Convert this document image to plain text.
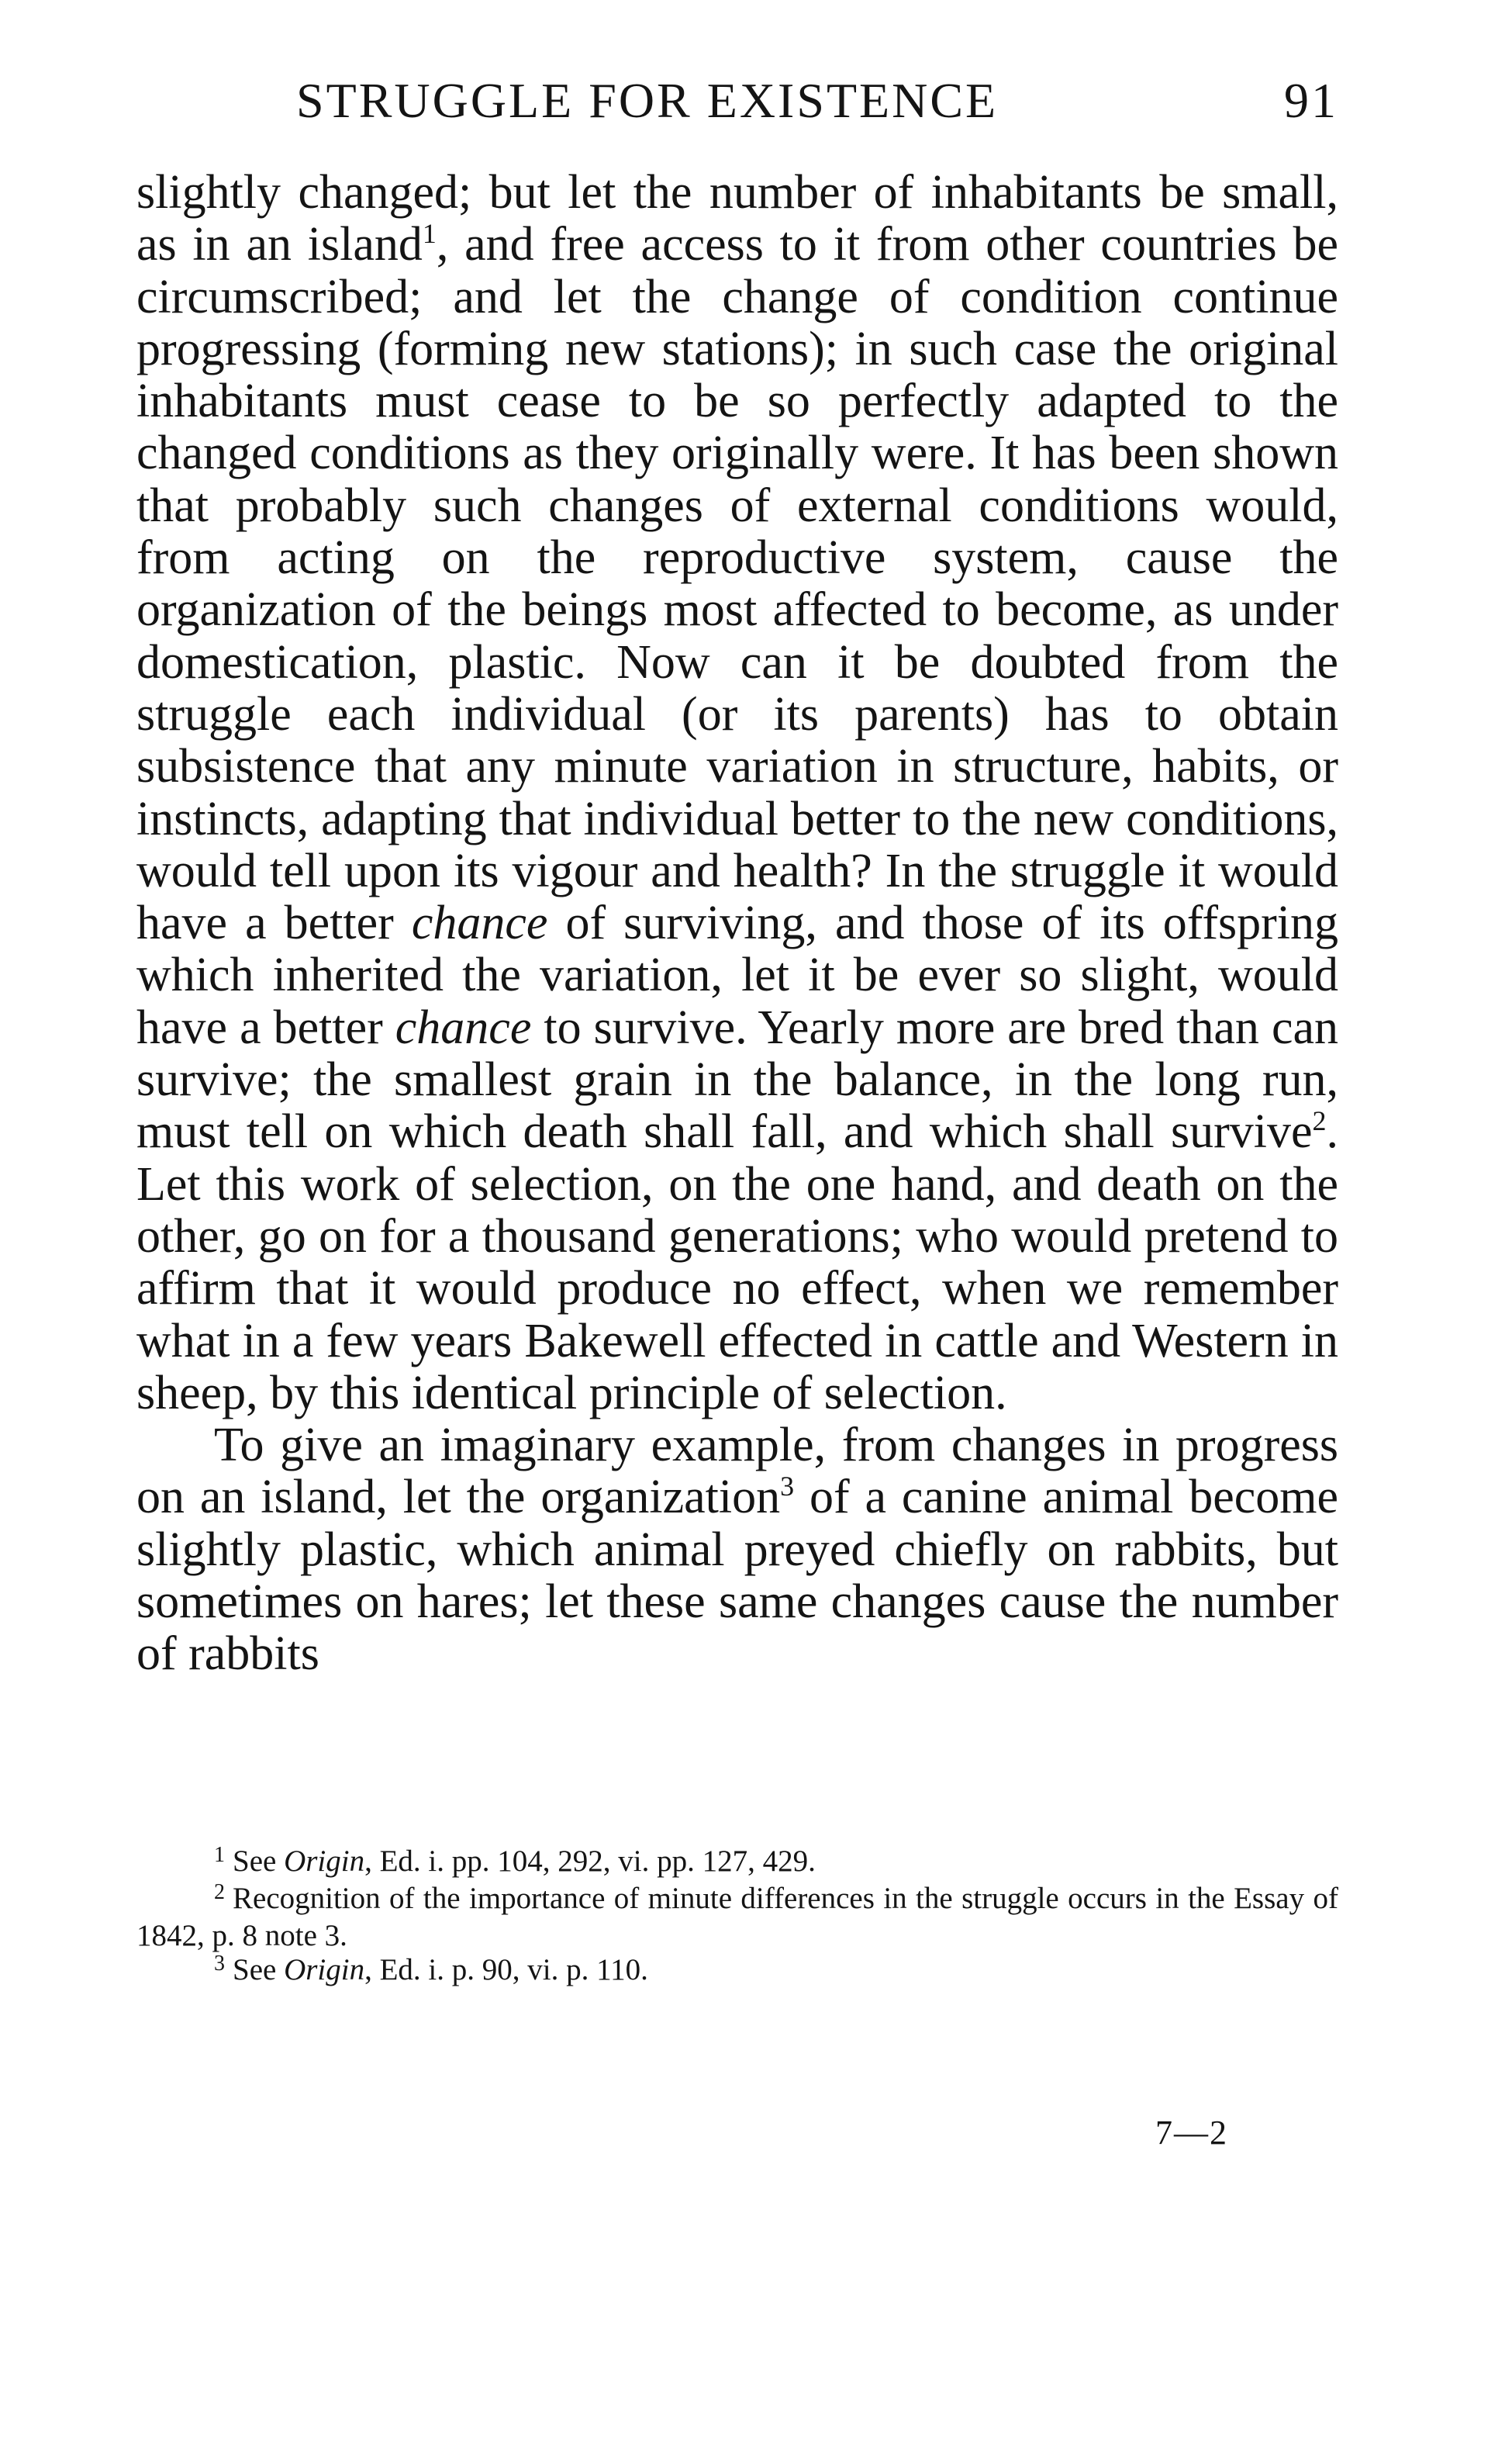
STRUGGLE FOR EXISTENCE	91

slightly changed; but let the number of inhabitants be small, as in an island$^1$, and free access to it from other countries be circumscribed; and let the change of condition continue progressing (forming new stations); in such case the original inhabitants must cease to be so perfectly adapted to the changed conditions as they originally were. It has been shown that probably such changes of external conditions would, from acting on the reproductive system, cause the organization of the beings most affected to become, as under domestication, plastic. Now can it be doubted from the struggle each individual (or its parents) has to obtain subsistence that any minute variation in structure, habits, or instincts, adapting that individual better to the new conditions, would tell upon its vigour and health? In the struggle it would have a better chance of surviving, and those of its offspring which inherited the variation, let it be ever so slight, would have a better chance to survive. Yearly more are bred than can survive; the smallest grain in the balance, in the long run, must tell on which death shall fall, and which shall survive$^2$. Let this work of selection, on the one hand, and death on the other, go on for a thousand generations; who would pretend to affirm that it would produce no effect, when we remember what in a few years Bakewell effected in cattle and Western in sheep, by this identical principle of selection.

To give an imaginary example, from changes in progress on an island, let the organization$^3$ of a canine animal become slightly plastic, which animal preyed chiefly on rabbits, but sometimes on hares; let these same changes cause the number of rabbits

1 See Origin, Ed. i. pp. 104, 292, vi. pp. 127, 429.

2 Recognition of the importance of minute differences in the struggle occurs in the Essay of 1842, p. 8 note 3.

3 See Origin, Ed. i. p. 90, vi. p. 110.

7—2
